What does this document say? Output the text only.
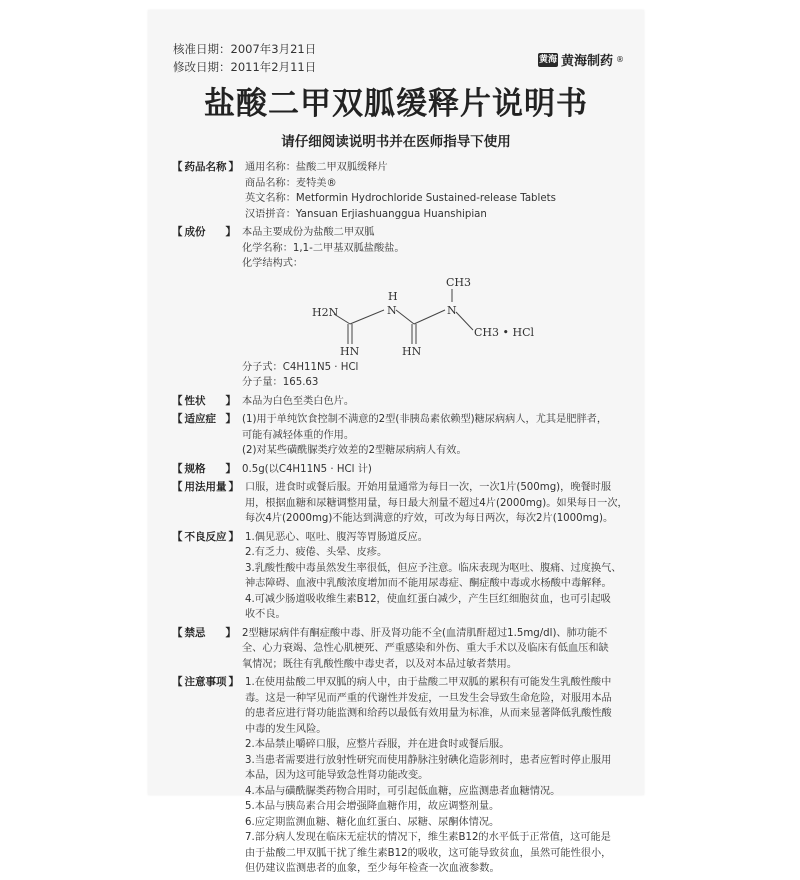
核准日期：2007年3月21日
修改日期：2011年2月11日
黄海 黄海制药 ®
盐酸二甲双胍缓释片说明书
请仔细阅读说明书并在医师指导下使用
【 药品名称 】 通用名称：盐酸二甲双胍缓释片
商品名称：麦特美®
英文名称：Metformin Hydrochloride Sustained-release Tablets
汉语拼音：Yansuan Erjiashuanggua Huanshipian
【 成份	】 本品主要成份为盐酸二甲双胍
化学名称：1,1-二甲基双胍盐酸盐。
化学结构式：
H2N
H
N	N
CH3
CH3 • HCl
HN	HN
分子式：C4H11N5 · HCl
分子量：165.63
【 性状	】 本品为白色至类白色片。
【 适应症 】 (1)用于单纯饮食控制不满意的2型(非胰岛素依赖型)糖尿病病人，尤其是肥胖者，
可能有减轻体重的作用。
(2)对某些磺酰脲类疗效差的2型糖尿病病人有效。
【 规格	】 0.5g(以C4H11N5 · HCl 计)
【 用法用量 】 口服，进食时或餐后服。开始用量通常为每日一次，一次1片(500mg)，晚餐时服
用，根据血糖和尿糖调整用量，每日最大剂量不超过4片(2000mg)。如果每日一次，
每次4片(2000mg)不能达到满意的疗效，可改为每日两次，每次2片(1000mg)。
【 不良反应 】 1.偶见恶心、呕吐、腹泻等胃肠道反应。
2.有乏力、疲倦、头晕、皮疹。
3.乳酸性酸中毒虽然发生率很低，但应予注意。临床表现为呕吐、腹痛、过度换气、
神志障碍、血液中乳酸浓度增加而不能用尿毒症、酮症酸中毒或水杨酸中毒解释。
4.可减少肠道吸收维生素B12，使血红蛋白减少，产生巨红细胞贫血，也可引起吸
收不良。
【 禁忌	】 2型糖尿病伴有酮症酸中毒、肝及肾功能不全(血清肌酐超过1.5mg/dl)、肺功能不
全、心力衰竭、急性心肌梗死、严重感染和外伤、重大手术以及临床有低血压和缺
氧情况；既往有乳酸性酸中毒史者，以及对本品过敏者禁用。
【 注意事项 】 1.在使用盐酸二甲双胍的病人中，由于盐酸二甲双胍的累积有可能发生乳酸性酸中
毒。这是一种罕见而严重的代谢性并发症，一旦发生会导致生命危险，对服用本品
的患者应进行肾功能监测和给药以最低有效用量为标准，从而来显著降低乳酸性酸
中毒的发生风险。
2.本品禁止嚼碎口服，应整片吞服，并在进食时或餐后服。
3.当患者需要进行放射性研究而使用静脉注射碘化造影剂时，患者应暂时停止服用
本品，因为这可能导致急性肾功能改变。
4.本品与磺酰脲类药物合用时，可引起低血糖，应监测患者血糖情况。
5.本品与胰岛素合用会增强降血糖作用，故应调整剂量。
6.应定期监测血糖、糖化血红蛋白、尿糖、尿酮体情况。
7.部分病人发现在临床无症状的情况下，维生素B12的水平低于正常值，这可能是
由于盐酸二甲双胍干扰了维生素B12的吸收，这可能导致贫血，虽然可能性很小，
但仍建议监测患者的血象，至少每年检查一次血液参数。
